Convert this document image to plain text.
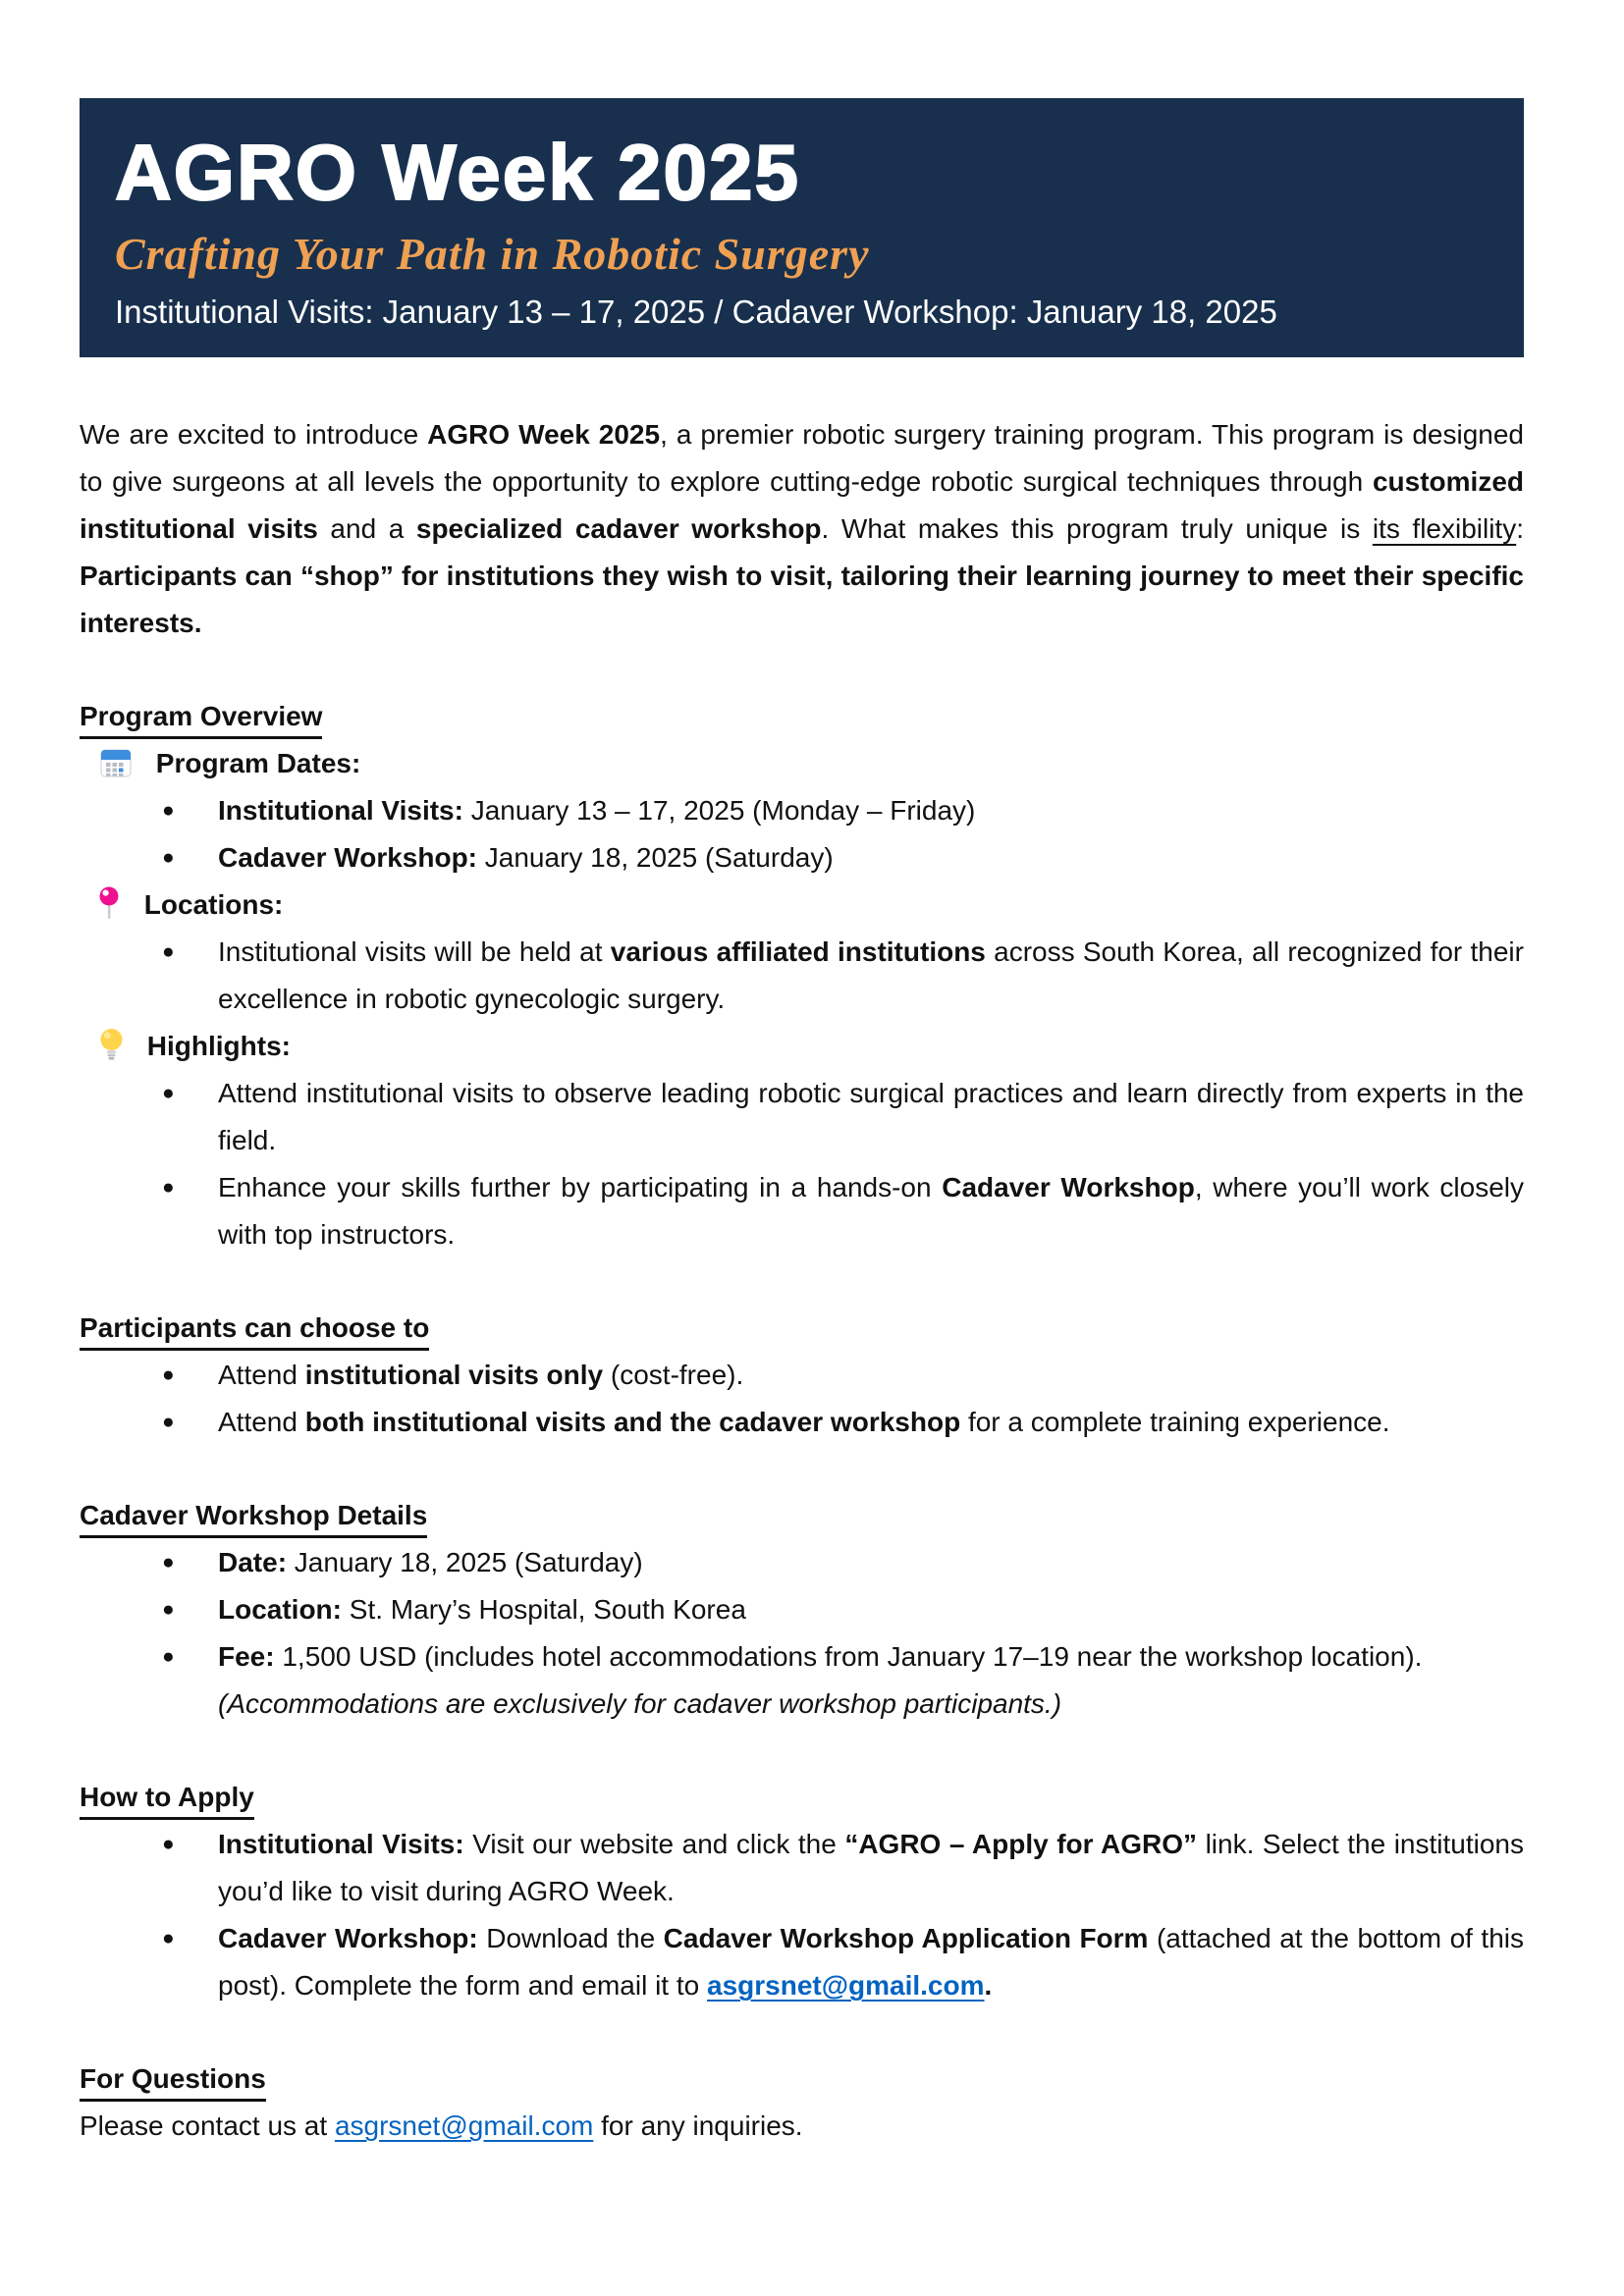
AGRO Week 2025
Crafting Your Path in Robotic Surgery
Institutional Visits: January 13 – 17, 2025 / Cadaver Workshop: January 18, 2025

We are excited to introduce AGRO Week 2025, a premier robotic surgery training program. This program is designed to give surgeons at all levels the opportunity to explore cutting-edge robotic surgical techniques through customized institutional visits and a specialized cadaver workshop. What makes this program truly unique is its flexibility: Participants can “shop” for institutions they wish to visit, tailoring their learning journey to meet their specific interests.

Program Overview
Program Dates:
● Institutional Visits: January 13 – 17, 2025 (Monday – Friday)
● Cadaver Workshop: January 18, 2025 (Saturday)
Locations:
● Institutional visits will be held at various affiliated institutions across South Korea, all recognized for their excellence in robotic gynecologic surgery.
Highlights:
● Attend institutional visits to observe leading robotic surgical practices and learn directly from experts in the field.
● Enhance your skills further by participating in a hands-on Cadaver Workshop, where you’ll work closely with top instructors.
Participants can choose to
● Attend institutional visits only (cost-free).
● Attend both institutional visits and the cadaver workshop for a complete training experience.
Cadaver Workshop Details
● Date: January 18, 2025 (Saturday)
● Location: St. Mary’s Hospital, South Korea
● Fee: 1,500 USD (includes hotel accommodations from January 17–19 near the workshop location).
(Accommodations are exclusively for cadaver workshop participants.)
How to Apply
● Institutional Visits: Visit our website and click the “AGRO – Apply for AGRO” link. Select the institutions you’d like to visit during AGRO Week.
● Cadaver Workshop: Download the Cadaver Workshop Application Form (attached at the bottom of this post). Complete the form and email it to asgrsnet@gmail.com.
For Questions

Please contact us at asgrsnet@gmail.com for any inquiries.
